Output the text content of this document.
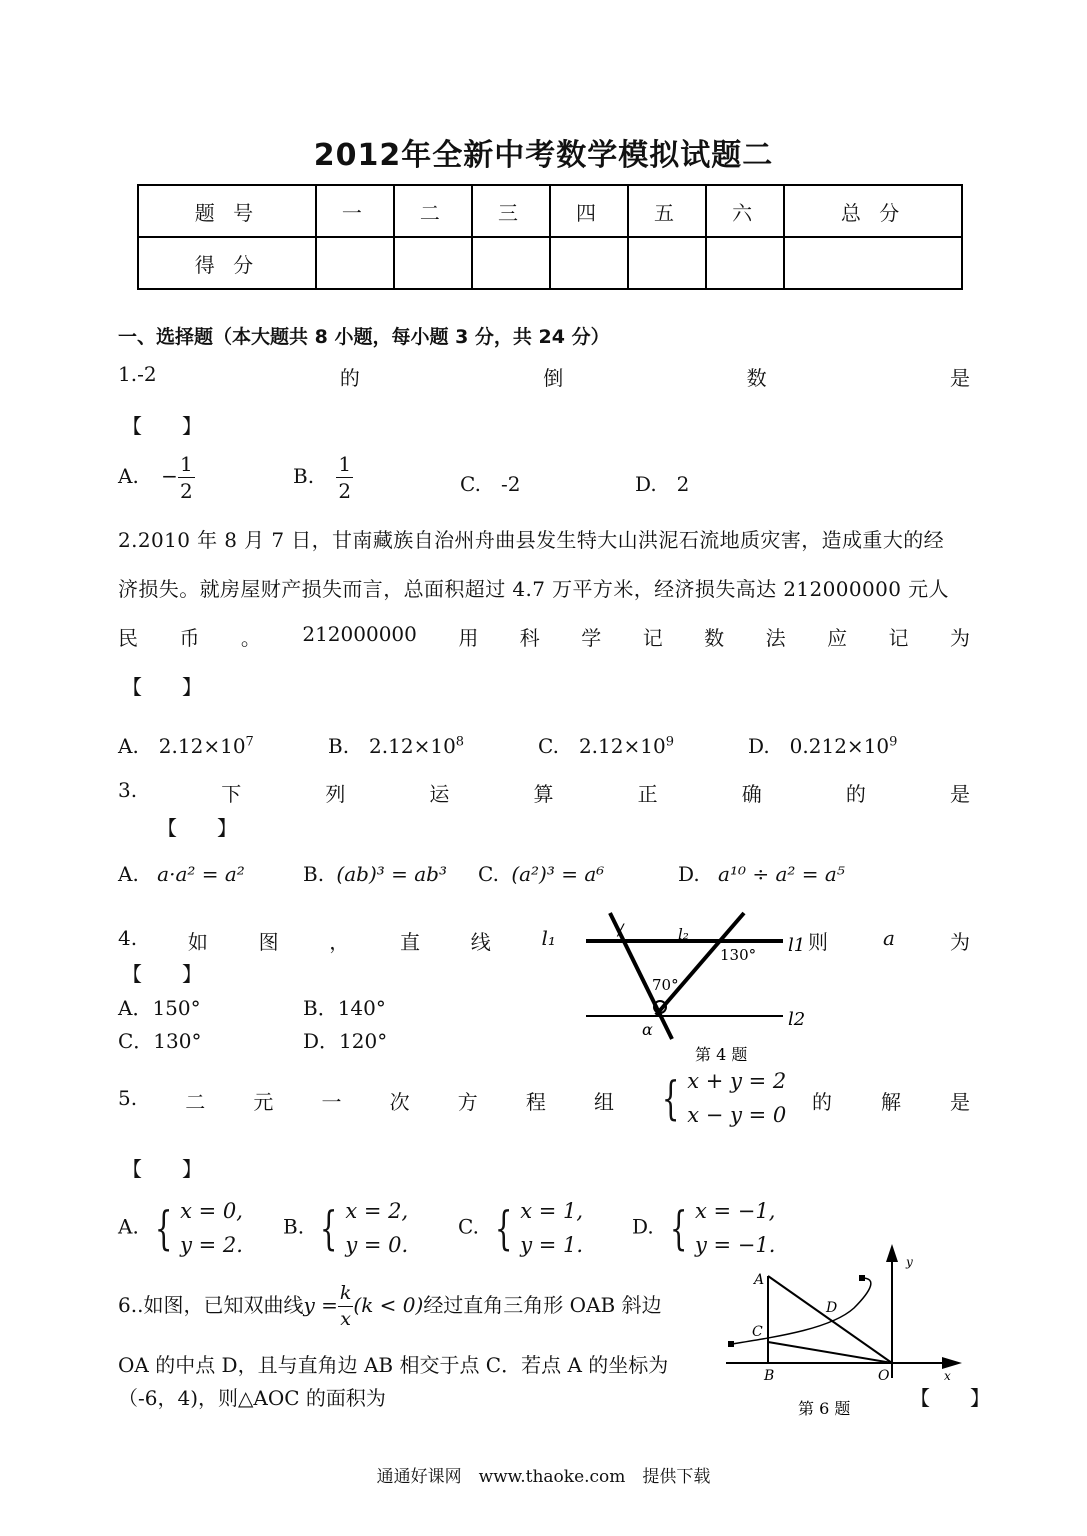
2012年全新中考数学模拟试题二
题 号	一	二	三	四	五	六	总 分
得 分							
一、选择题（本大题共 8 小题，每小题 3 分，共 24 分）
1.-2	的	倒	数	是
【　　】
A. − $\frac{1}{2}$	B. $\frac{1}{2}$	C.　-2	D.　2
2.2010 年 8 月 7 日，甘南藏族自治州舟曲县发生特大山洪泥石流地质灾害，造成重大的经
济损失。就房屋财产损失而言，总面积超过 4.7 万平方米，经济损失高达 212000000 元人
民 币 。 212000000 用 科 学 记 数 法 应 记 为
【　　】
A.　$2.12\times 10^7$	B.　$2.12\times 10^8$	C.　$2.12\times 10^9$	D.　$0.212\times 10^9$
3.	下	列	运	算	正	确	的	是
【　　】
A. a·a² = a²	B. (ab)³ = ab³ C. (a²)³ = a⁶	D. a¹⁰ ÷ a² = a⁵
4.	如	图	，	直	线	l₁	则	a	为
【　　】
A．150°	B．140°
C．130°	D．120°
/	l₂
130°
70°
α
l1
l2
第 4 题
5. 二 元 一 次 方 程 组 { x + y = 2
x − y = 0
的 解 是
【　　】
A. { x = 0,
y = 2.
B. { x = 2,
y = 0.
C. { x = 1,
y = 1.
D. { x = −1,
y = −1.
6..如图，已知双曲线$y = \frac{k}{x} (k < 0)$经过直角三角形 OAB 斜边
OA 的中点 D，且与直角边 AB 相交于点 C．若点 A 的坐标为
（-6，4)，则△AOC 的面积为
A
C
D
B	O	x
y
第 6 题	【　　】
通通好课网　www.thaoke.com　提供下载
